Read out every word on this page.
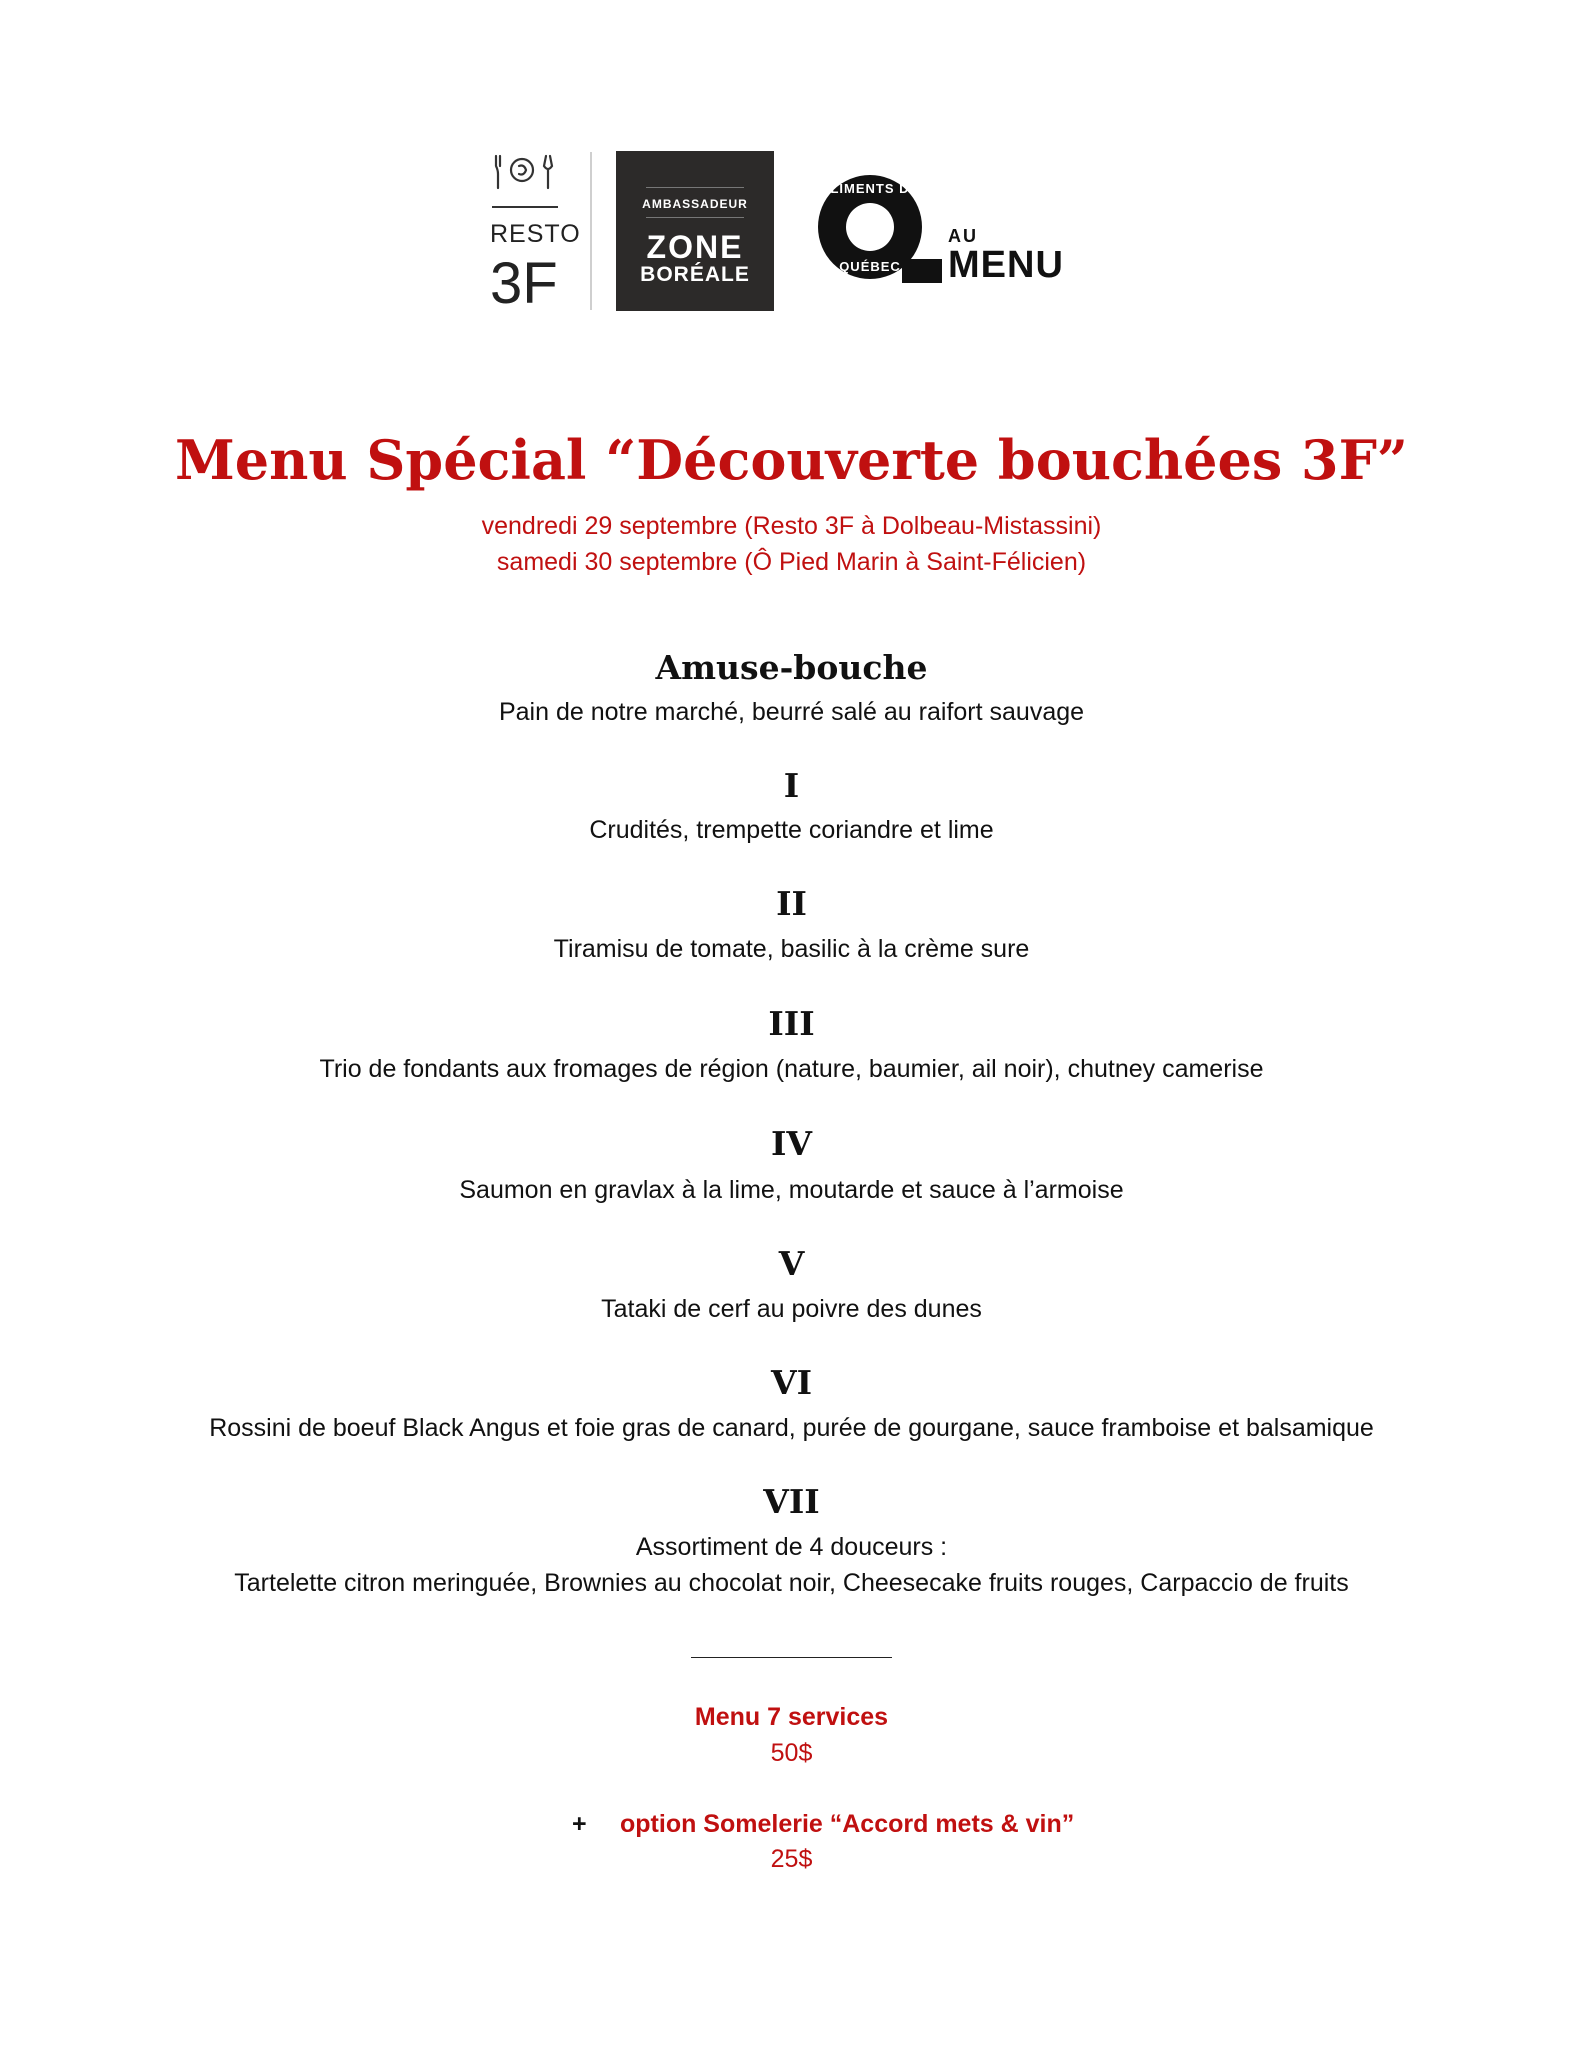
RESTO
3F
AMBASSADEUR
ZONE
BORÉALE
ALIMENTS DU
QUÉBEC
AU
MENU
Menu Spécial “Découverte bouchées 3F”
vendredi 29 septembre (Resto 3F à Dolbeau-Mistassini)
samedi 30 septembre (Ô Pied Marin à Saint-Félicien)
Amuse-bouche
Pain de notre marché, beurré salé au raifort sauvage
I
Crudités, trempette coriandre et lime
II
Tiramisu de tomate, basilic à la crème sure
III
Trio de fondants aux fromages de région (nature, baumier, ail noir), chutney camerise
IV
Saumon en gravlax à la lime, moutarde et sauce à l’armoise
V
Tataki de cerf au poivre des dunes
VI
Rossini de boeuf Black Angus et foie gras de canard, purée de gourgane, sauce framboise et balsamique
VII
Assortiment de 4 douceurs :
Tartelette citron meringuée, Brownies au chocolat noir, Cheesecake fruits rouges, Carpaccio de fruits
Menu 7 services
50$
+ option Somelerie “Accord mets & vin”
25$
